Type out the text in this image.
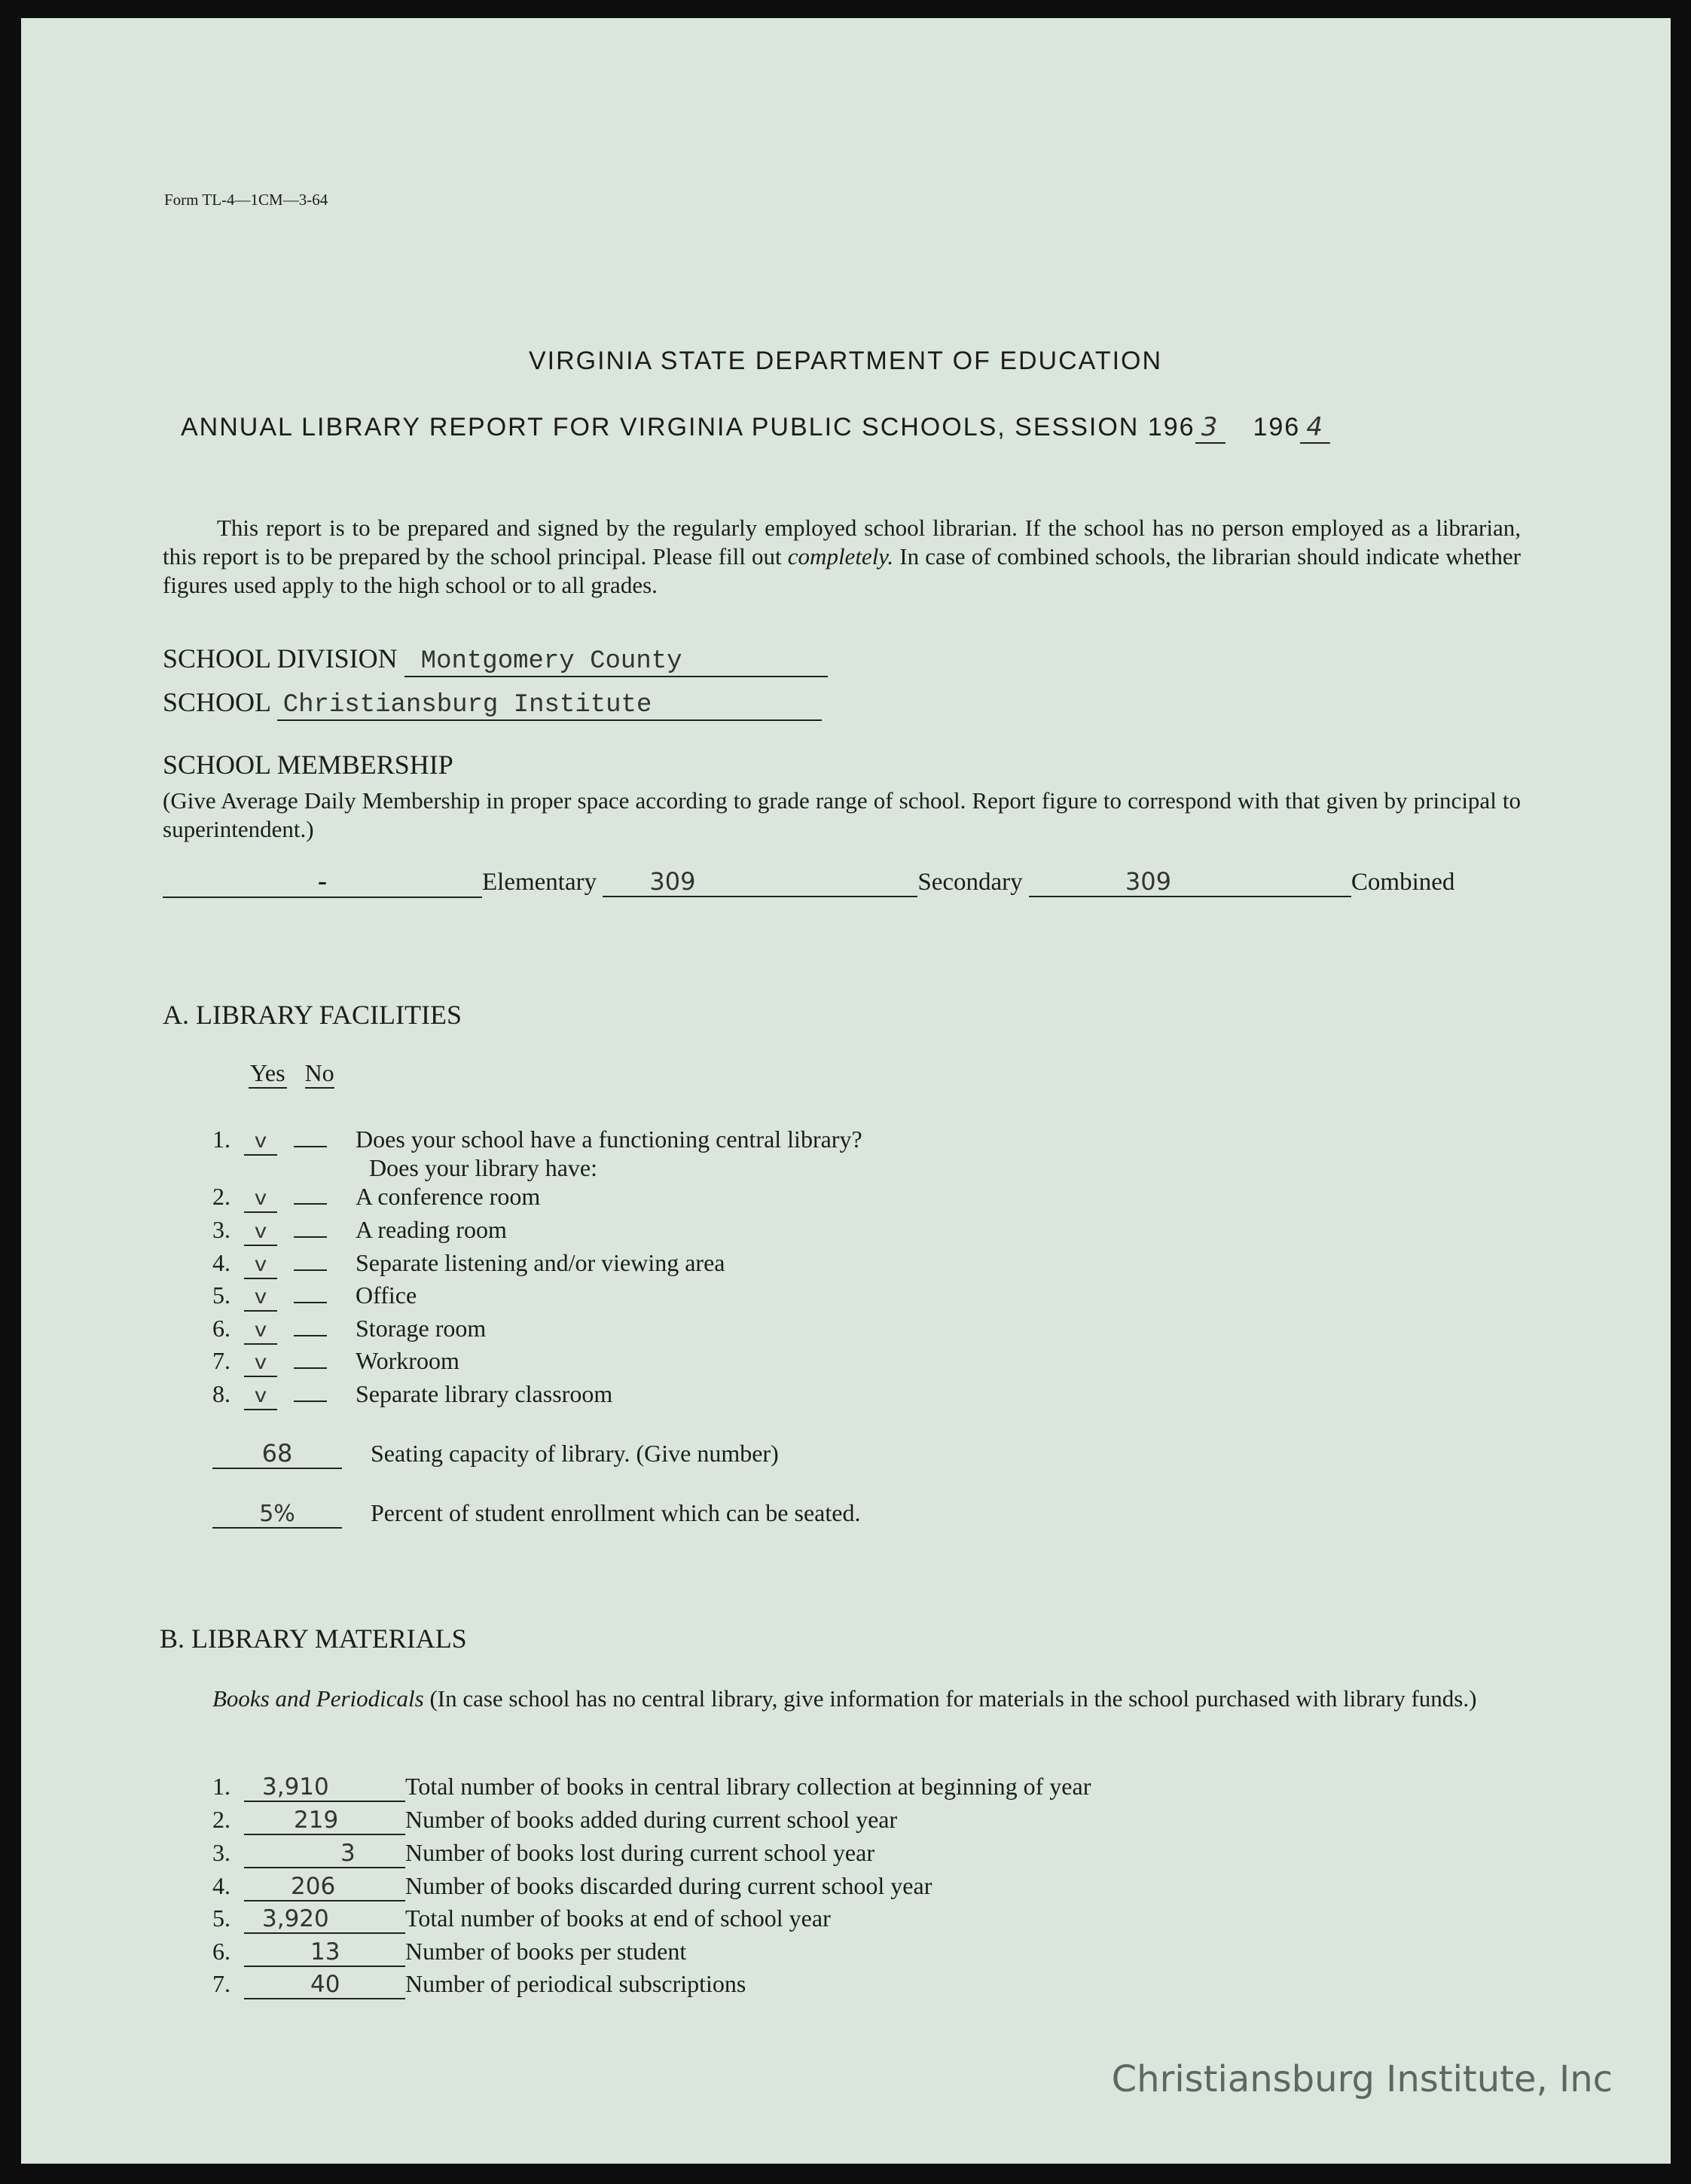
Form TL-4—1CM—3-64
VIRGINIA STATE DEPARTMENT OF EDUCATION
ANNUAL LIBRARY REPORT FOR VIRGINIA PUBLIC SCHOOLS, SESSION 196 3 196 4
This report is to be prepared and signed by the regularly employed school librarian. If the school has no person employed as a librarian, this report is to be prepared by the school principal. Please fill out completely. In case of combined schools, the librarian should indicate whether figures used apply to the high school or to all grades.
SCHOOL DIVISION Montgomery County
SCHOOL Christiansburg Institute
SCHOOL MEMBERSHIP
(Give Average Daily Membership in proper space according to grade range of school. Report figure to correspond with that given by principal to superintendent.)
-	Elementary 309	Secondary	309	Combined
A. LIBRARY FACILITIES
Yes No
1. v	Does your school have a functioning central library?
Does your library have:
2. v	A conference room
3. v	A reading room
4. v	Separate listening and/or viewing area
5. v	Office
6. v	Storage room
7. v	Workroom
8. v	Separate library classroom
68	Seating capacity of library. (Give number)
5%	Percent of student enrollment which can be seated.
B. LIBRARY MATERIALS
Books and Periodicals (In case school has no central library, give information for materials in the school purchased with library funds.)
1. 3,910	Total number of books in central library collection at beginning of year
2.	219	Number of books added during current school year
3.	3 Number of books lost during current school year
4.	206	Number of books discarded during current school year
5. 3,920	Total number of books at end of school year
6.	13	Number of books per student
7.	40	Number of periodical subscriptions
Christiansburg Institute, Inc
